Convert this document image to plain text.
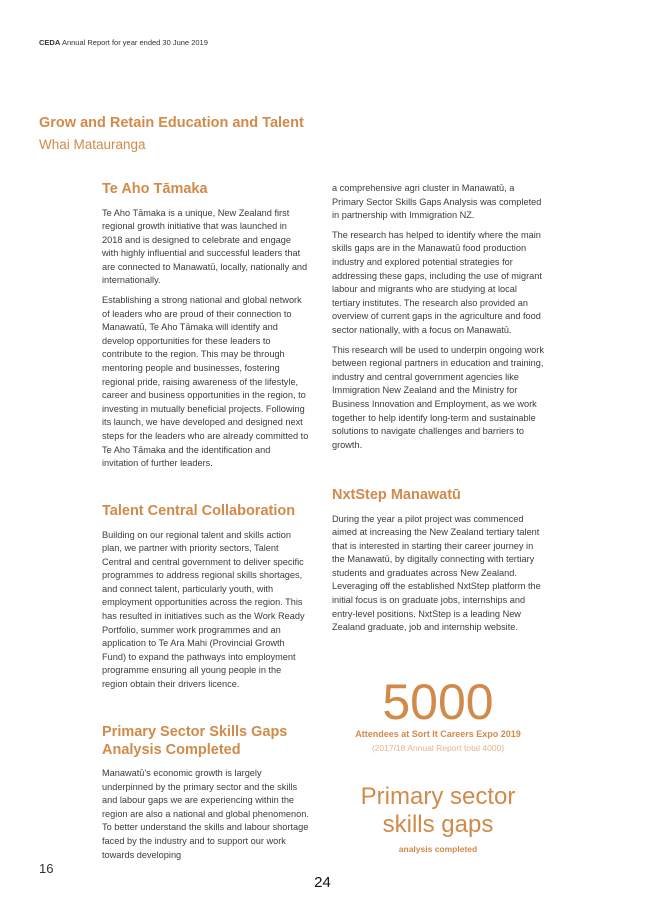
CEDA Annual Report for year ended 30 June 2019
Grow and Retain Education and Talent
Whai Matauranga
Te Aho Tāmaka

Te Aho Tāmaka is a unique, New Zealand first regional growth initiative that was launched in 2018 and is designed to celebrate and engage with highly influential and successful leaders that are connected to Manawatū, locally, nationally and internationally.

Establishing a strong national and global network of leaders who are proud of their connection to Manawatū, Te Aho Tāmaka will identify and develop opportunities for these leaders to contribute to the region. This may be through mentoring people and businesses, fostering regional pride, raising awareness of the lifestyle, career and business opportunities in the region, to investing in mutually beneficial projects. Following its launch, we have developed and designed next steps for the leaders who are already committed to Te Aho Tāmaka and the identification and invitation of further leaders.

Talent Central Collaboration

Building on our regional talent and skills action plan, we partner with priority sectors, Talent Central and central government to deliver specific programmes to address regional skills shortages, and connect talent, particularly youth, with employment opportunities across the region. This has resulted in initiatives such as the Work Ready Portfolio, summer work programmes and an application to Te Ara Mahi (Provincial Growth Fund) to expand the pathways into employment programme ensuring all young people in the region obtain their drivers licence.

Primary Sector Skills Gaps Analysis Completed

Manawatū's economic growth is largely underpinned by the primary sector and the skills and labour gaps we are experiencing within the region are also a national and global phenomenon. To better understand the skills and labour shortage faced by the industry and to support our work towards developing

a comprehensive agri cluster in Manawatū, a Primary Sector Skills Gaps Analysis was completed in partnership with Immigration NZ.

The research has helped to identify where the main skills gaps are in the Manawatū food production industry and explored potential strategies for addressing these gaps, including the use of migrant labour and migrants who are studying at local tertiary institutes. The research also provided an overview of current gaps in the agriculture and food sector nationally, with a focus on Manawatū.

This research will be used to underpin ongoing work between regional partners in education and training, industry and central government agencies like Immigration New Zealand and the Ministry for Business Innovation and Employment, as we work together to help identify long-term and sustainable solutions to navigate challenges and barriers to growth.

NxtStep Manawatū

During the year a pilot project was commenced aimed at increasing the New Zealand tertiary talent that is interested in starting their career journey in the Manawatū, by digitally connecting with tertiary students and graduates across New Zealand. Leveraging off the established NxtStep platform the initial focus is on graduate jobs, internships and entry-level positions. NxtStep is a leading New Zealand graduate, job and internship website.

5000
Attendees at Sort It Careers Expo 2019
(2017/18 Annual Report total 4000)
Primary sector
skills gaps
analysis completed
16
24
